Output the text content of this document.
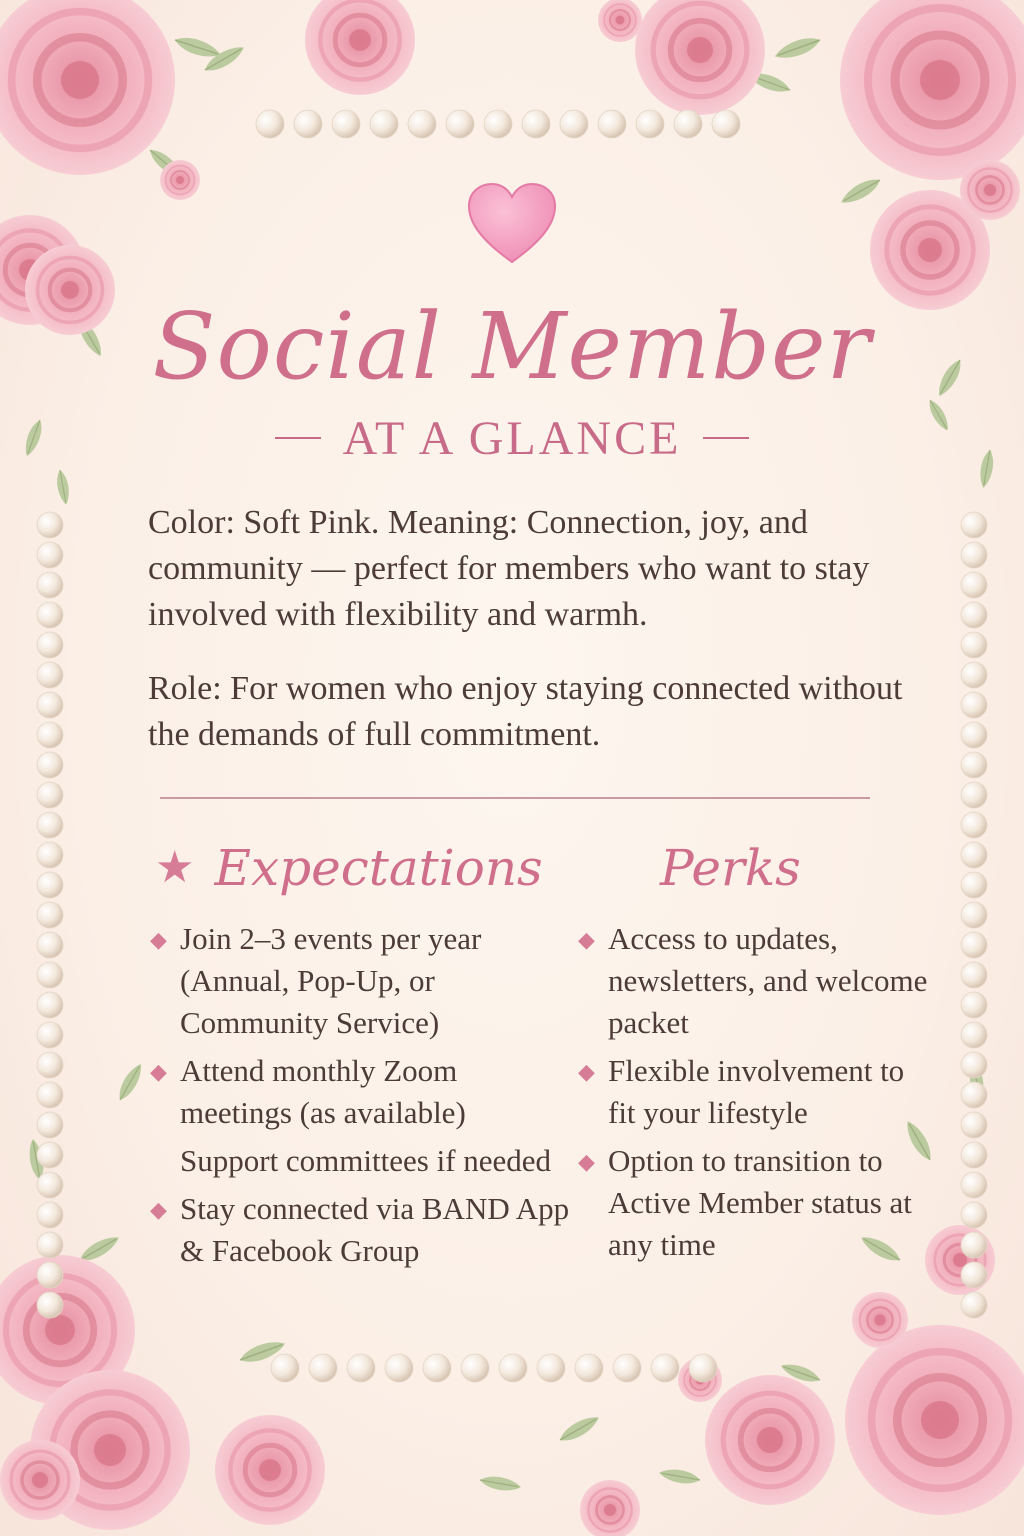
Social Member
AT A GLANCE
Color: Soft Pink. Meaning: Connection, joy, and community — perfect for members who want to stay involved with flexibility and warmh.
Role: For women who enjoy staying connected without the demands of full commitment.
★ Expectations Perks
◆ Join 2–3 events per year (Annual, Pop-Up, or Community Service)
◆ Attend monthly Zoom meetings (as available)
Support committees if needed
◆ Stay connected via BAND App & Facebook Group
◆ Access to updates, newsletters, and welcome packet
◆ Flexible involvement to fit your lifestyle
◆ Option to transition to Active Member status at any time
